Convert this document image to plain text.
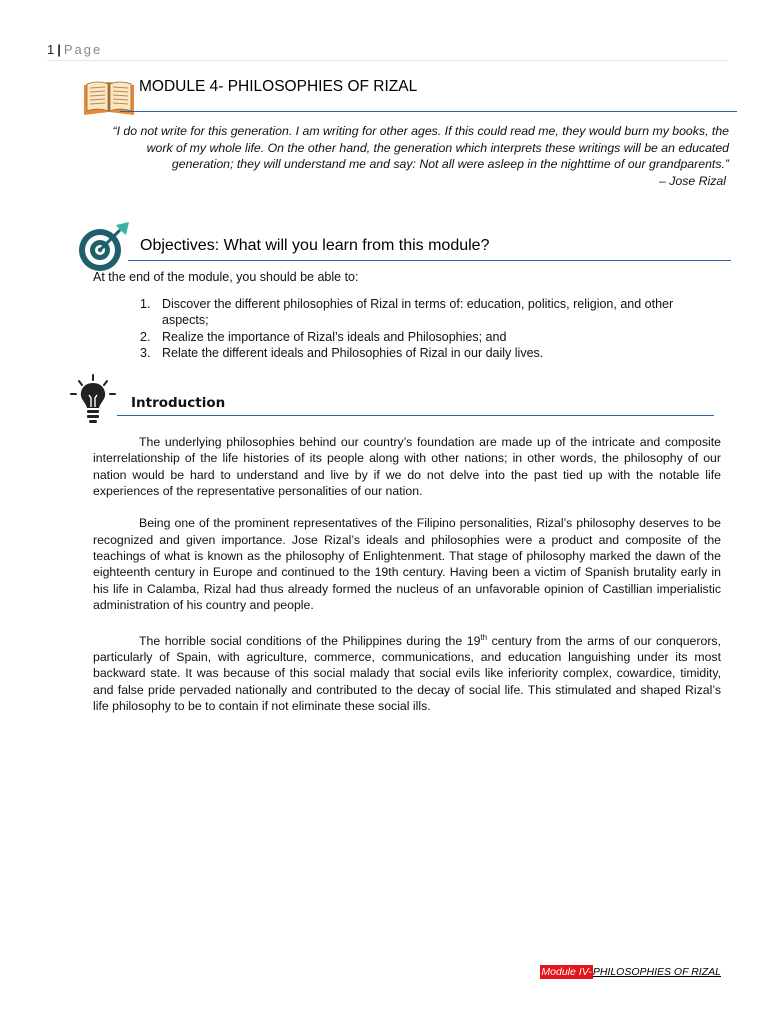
1 | Page
MODULE 4- PHILOSOPHIES OF RIZAL
“I do not write for this generation. I am writing for other ages. If this could read me, they would burn my books, the work of my whole life. On the other hand, the generation which interprets these writings will be an educated generation; they will understand me and say: Not all were asleep in the nighttime of our grandparents.”
– Jose Rizal
Objectives: What will you learn from this module?
At the end of the module, you should be able to:
1. Discover the different philosophies of Rizal in terms of: education, politics, religion, and other aspects;
2. Realize the importance of Rizal’s ideals and Philosophies; and
3. Relate the different ideals and Philosophies of Rizal in our daily lives.
Introduction

The underlying philosophies behind our country’s foundation are made up of the intricate and composite interrelationship of the life histories of its people along with other nations; in other words, the philosophy of our nation would be hard to understand and live by if we do not delve into the past tied up with the notable life experiences of the representative personalities of our nation.

Being one of the prominent representatives of the Filipino personalities, Rizal’s philosophy deserves to be recognized and given importance. Jose Rizal’s ideals and philosophies were a product and composite of the teachings of what is known as the philosophy of Enlightenment. That stage of philosophy marked the dawn of the eighteenth century in Europe and continued to the 19th century. Having been a victim of Spanish brutality early in his life in Calamba, Rizal had thus already formed the nucleus of an unfavorable opinion of Castillian imperialistic administration of his country and people.

The horrible social conditions of the Philippines during the 19th century from the arms of our conquerors, particularly of Spain, with agriculture, commerce, communications, and education languishing under its most backward state. It was because of this social malady that social evils like inferiority complex, cowardice, timidity, and false pride pervaded nationally and contributed to the decay of social life. This stimulated and shaped Rizal’s life philosophy to be to contain if not eliminate these social ills.

Module IV-PHILOSOPHIES OF RIZAL
